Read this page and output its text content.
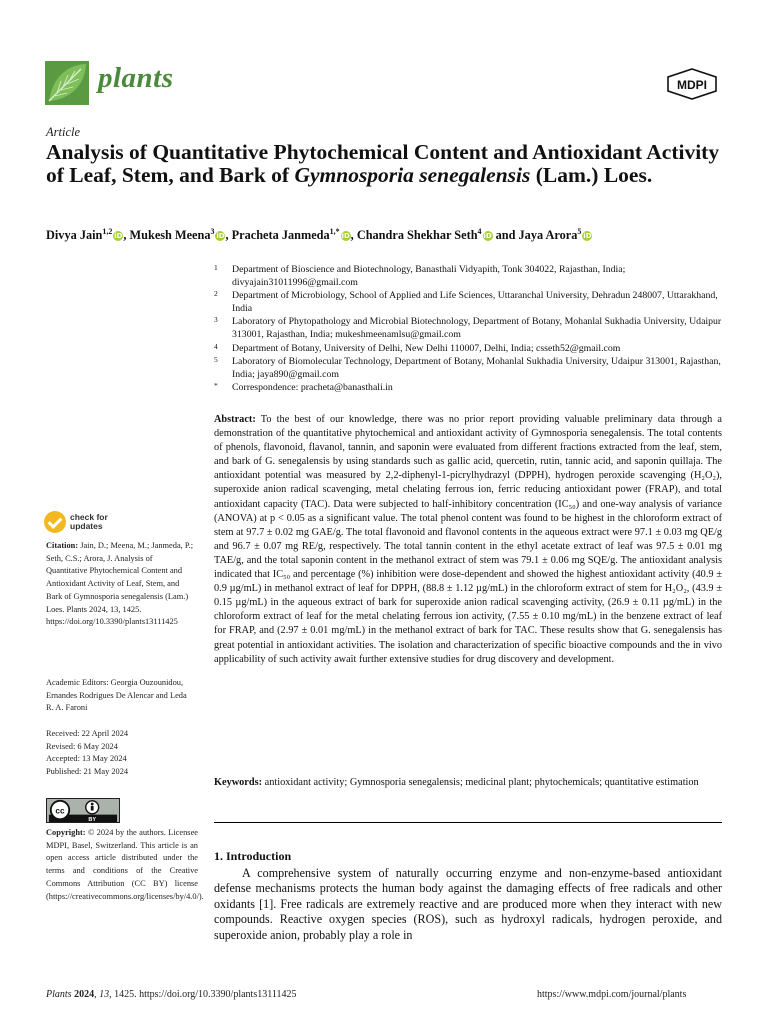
plants	MDPI
Article
Analysis of Quantitative Phytochemical Content and Antioxidant Activity of Leaf, Stem, and Bark of Gymnosporia senegalensis (Lam.) Loes.
Divya Jain$^{1,2}$iD, Mukesh Meena$^3$iD, Pracheta Janmeda$^{1,*}$iD, Chandra Shekhar Seth$^4$iD and Jaya Arora$^5$iD
1 Department of Bioscience and Biotechnology, Banasthali Vidyapith, Tonk 304022, Rajasthan, India; divyajain31011996@gmail.com
2 Department of Microbiology, School of Applied and Life Sciences, Uttaranchal University, Dehradun 248007, Uttarakhand, India
3 Laboratory of Phytopathology and Microbial Biotechnology, Department of Botany, Mohanlal Sukhadia University, Udaipur 313001, Rajasthan, India; mukeshmeenamlsu@gmail.com
4 Department of Botany, University of Delhi, New Delhi 110007, Delhi, India; csseth52@gmail.com
5 Laboratory of Biomolecular Technology, Department of Botany, Mohanlal Sukhadia University, Udaipur 313001, Rajasthan, India; jaya890@gmail.com
* Correspondence: pracheta@banasthali.in
Abstract: To the best of our knowledge, there was no prior report providing valuable preliminary data through a demonstration of the quantitative phytochemical and antioxidant activity of Gymnosporia senegalensis. The total contents of phenols, flavonoid, flavanol, tannin, and saponin were evaluated from different fractions extracted from the leaf, stem, and bark of G. senegalensis by using standards such as gallic acid, quercetin, rutin, tannic acid, and saponin quillaja. The antioxidant potential was measured by 2,2-diphenyl-1-picrylhydrazyl (DPPH), hydrogen peroxide scavenging (H₂O₂), superoxide anion radical scavenging, metal chelating ferrous ion, ferric reducing antioxidant power (FRAP), and total antioxidant capacity (TAC). Data were subjected to half-inhibitory concentration (IC₅₀) and one-way analysis of variance (ANOVA) at p < 0.05 as a significant value. The total phenol content was found to be highest in the chloroform extract of stem at 97.7 ± 0.02 mg GAE/g. The total flavonoid and flavonol contents in the aqueous extract were 97.1 ± 0.03 mg QE/g and 96.7 ± 0.07 mg RE/g, respectively. The total tannin content in the ethyl acetate extract of leaf was 97.5 ± 0.01 mg TAE/g, and the total saponin content in the methanol extract of stem was 79.1 ± 0.06 mg SQE/g. The antioxidant analysis indicated that IC₅₀ and percentage (%) inhibition were dose-dependent and showed the highest antioxidant activity (40.9 ± 0.9 µg/mL) in methanol extract of leaf for DPPH, (88.8 ± 1.12 µg/mL) in the chloroform extract of stem for H₂O₂, (43.9 ± 0.15 µg/mL) in the aqueous extract of bark for superoxide anion radical scavenging activity, (26.9 ± 0.11 µg/mL) in the chloroform extract of leaf for the metal chelating ferrous ion activity, (7.55 ± 0.10 mg/mL) in the benzene extract of leaf for FRAP, and (2.97 ± 0.01 mg/mL) in the methanol extract of bark for TAC. These results show that G. senegalensis has great potential in antioxidant activities. The isolation and characterization of specific bioactive compounds and the in vivo applicability of such activity await further extensive studies for drug discovery and development.
Keywords: antioxidant activity; Gymnosporia senegalensis; medicinal plant; phytochemicals; quantitative estimation
1. Introduction
A comprehensive system of naturally occurring enzyme and non-enzyme-based antioxidant defense mechanisms protects the human body against the damaging effects of free radicals and other oxidants [1]. Free radicals are extremely reactive and are produced more when they interact with new compounds. Reactive oxygen species (ROS), such as hydroxyl radicals, hydrogen peroxide, and superoxide anion, probably play a role in
check for
updates
Citation: Jain, D.; Meena, M.; Janmeda, P.; Seth, C.S.; Arora, J. Analysis of Quantitative Phytochemical Content and Antioxidant Activity of Leaf, Stem, and Bark of Gymnosporia senegalensis (Lam.) Loes. Plants 2024, 13, 1425. https://doi.org/10.3390/plants13111425
Academic Editors: Georgia Ouzounidou, Ernandes Rodrigues De Alencar and Leda R. A. Faroni
Received: 22 April 2024
Revised: 6 May 2024
Accepted: 13 May 2024
Published: 21 May 2024
cc
BY
Copyright: © 2024 by the authors. Licensee MDPI, Basel, Switzerland. This article is an open access article distributed under the terms and conditions of the Creative Commons Attribution (CC BY) license (https://creativecommons.org/licenses/by/4.0/).
Plants 2024, 13, 1425. https://doi.org/10.3390/plants13111425	https://www.mdpi.com/journal/plants
